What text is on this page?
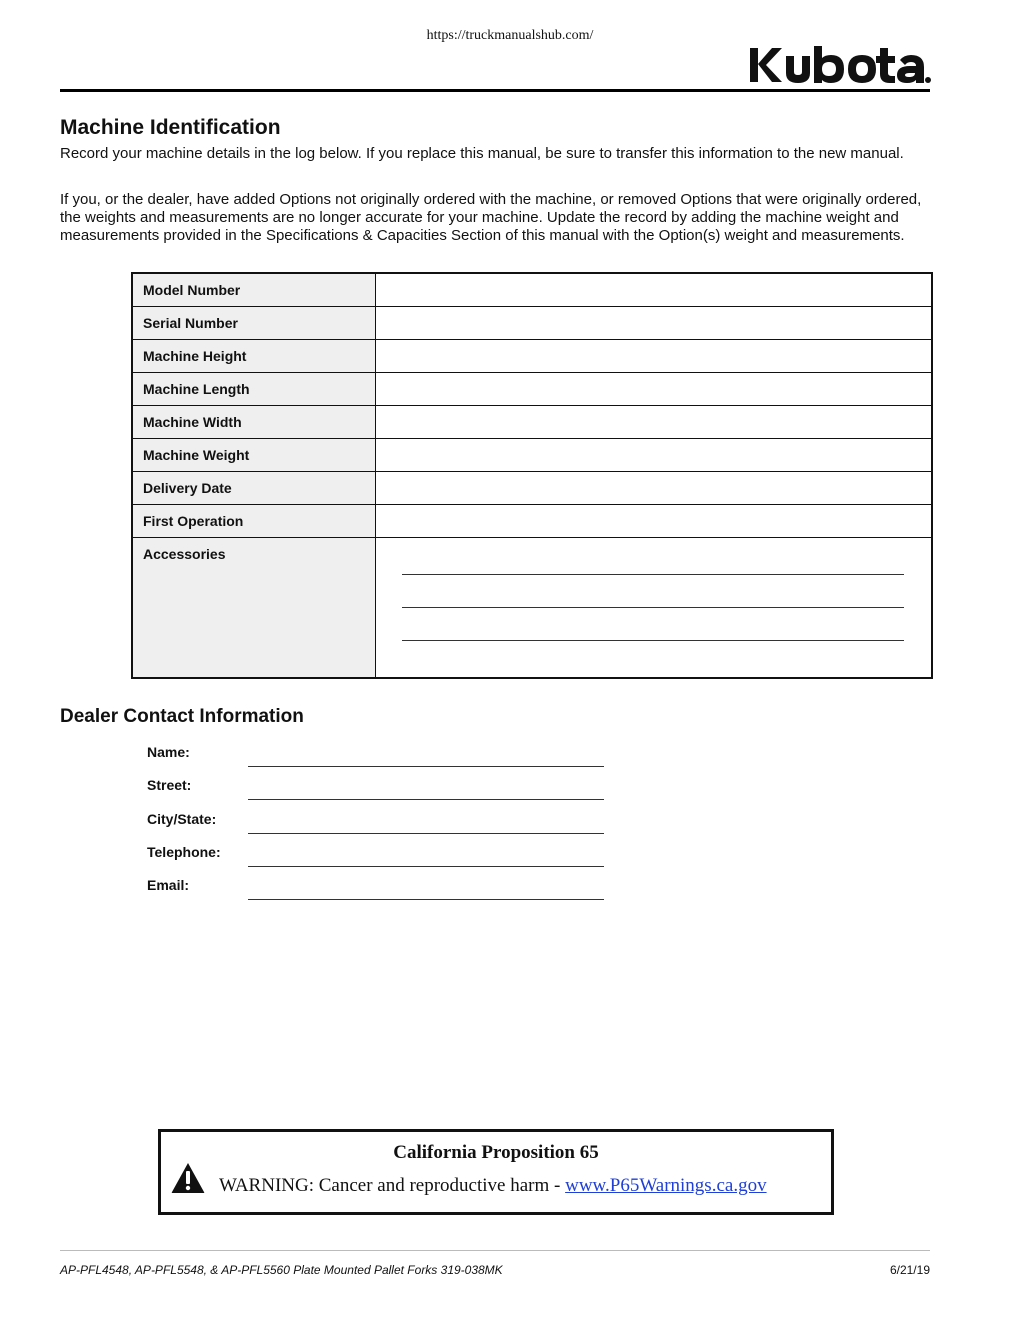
https://truckmanualshub.com/
Machine Identification

Record your machine details in the log below. If you replace this manual, be sure to transfer this information to the new manual.

If you, or the dealer, have added Options not originally ordered with the machine, or removed Options that were originally ordered, the weights and measurements are no longer accurate for your machine. Update the record by adding the machine weight and measurements provided in the Specifications & Capacities Section of this manual with the Option(s) weight and measurements.

Model Number	
Serial Number	
Machine Height	
Machine Length	
Machine Width	
Machine Weight	
Delivery Date	
First Operation	
Accessories	
Dealer Contact Information
Name:
Street:
City/State:
Telephone:
Email:
California Proposition 65
WARNING: Cancer and reproductive harm - www.P65Warnings.ca.gov
AP-PFL4548, AP-PFL5548, & AP-PFL5560 Plate Mounted Pallet Forks 319-038MK	6/21/19
